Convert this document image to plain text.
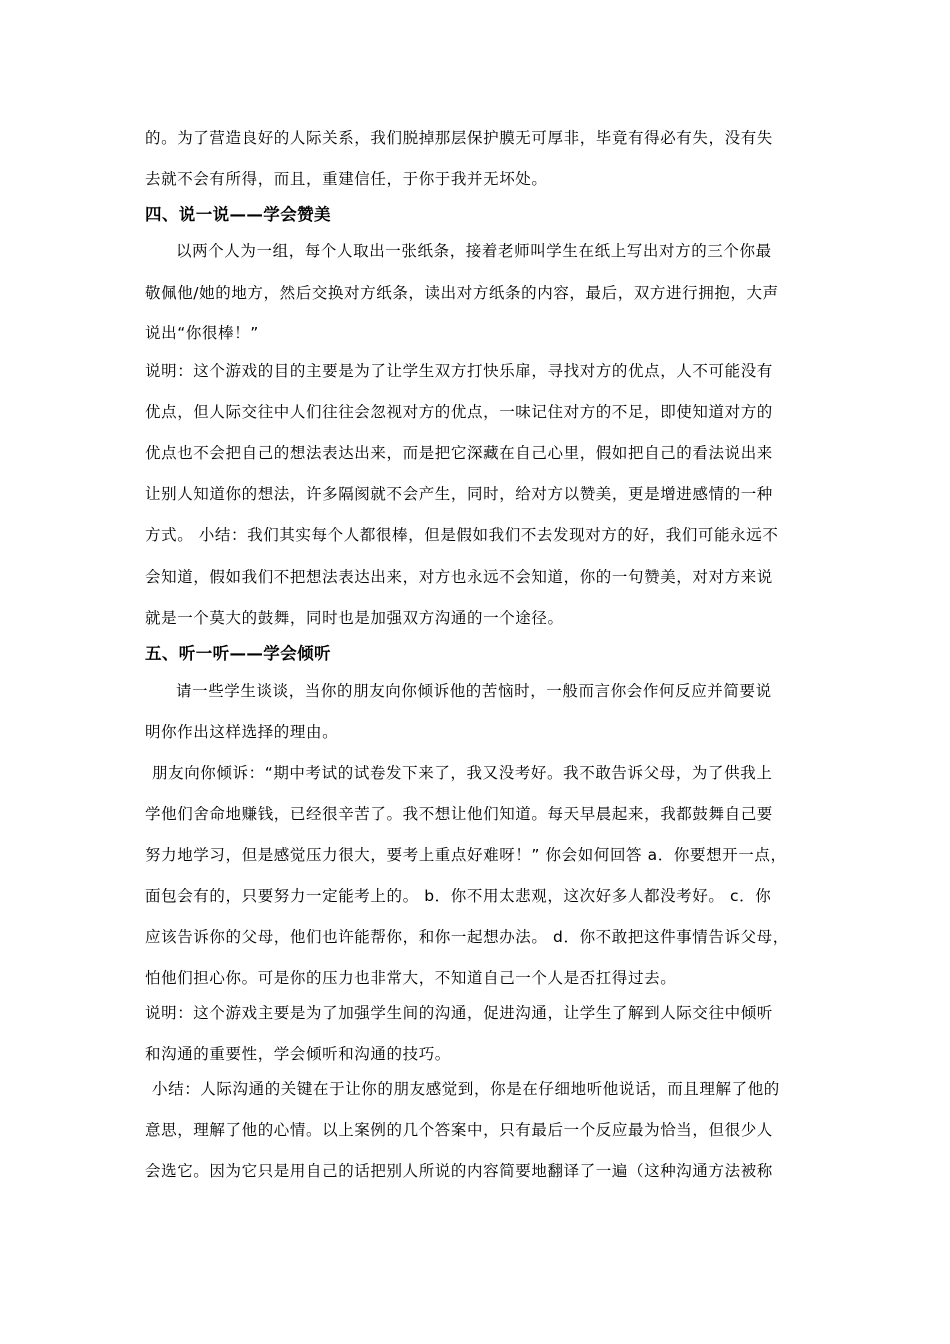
的。为了营造良好的人际关系，我们脱掉那层保护膜无可厚非，毕竟有得必有失，没有失
去就不会有所得，而且，重建信任，于你于我并无坏处。
四、说一说——学会赞美
以两个人为一组，每个人取出一张纸条，接着老师叫学生在纸上写出对方的三个你最
敬佩他/她的地方，然后交换对方纸条，读出对方纸条的内容，最后，双方进行拥抱，大声
说出“你很棒！”
说明：这个游戏的目的主要是为了让学生双方打快乐扉，寻找对方的优点，人不可能没有
优点，但人际交往中人们往往会忽视对方的优点，一味记住对方的不足，即使知道对方的
优点也不会把自己的想法表达出来，而是把它深藏在自己心里，假如把自己的看法说出来
让别人知道你的想法，许多隔阂就不会产生，同时，给对方以赞美，更是增进感情的一种
方式。 小结：我们其实每个人都很棒，但是假如我们不去发现对方的好，我们可能永远不
会知道，假如我们不把想法表达出来，对方也永远不会知道，你的一句赞美，对对方来说
就是一个莫大的鼓舞，同时也是加强双方沟通的一个途径。
五、听一听——学会倾听
请一些学生谈谈，当你的朋友向你倾诉他的苦恼时，一般而言你会作何反应并简要说
明你作出这样选择的理由。
朋友向你倾诉：“期中考试的试卷发下来了，我又没考好。我不敢告诉父母，为了供我上
学他们舍命地赚钱，已经很辛苦了。我不想让他们知道。每天早晨起来，我都鼓舞自己要
努力地学习，但是感觉压力很大，要考上重点好难呀！” 你会如何回答 a．你要想开一点，
面包会有的，只要努力一定能考上的。 b．你不用太悲观，这次好多人都没考好。 c．你
应该告诉你的父母，他们也许能帮你，和你一起想办法。 d．你不敢把这件事情告诉父母，
怕他们担心你。可是你的压力也非常大，不知道自己一个人是否扛得过去。
说明：这个游戏主要是为了加强学生间的沟通，促进沟通，让学生了解到人际交往中倾听
和沟通的重要性，学会倾听和沟通的技巧。
小结：人际沟通的关键在于让你的朋友感觉到，你是在仔细地听他说话，而且理解了他的
意思，理解了他的心情。以上案例的几个答案中，只有最后一个反应最为恰当，但很少人
会选它。因为它只是用自己的话把别人所说的内容简要地翻译了一遍（这种沟通方法被称
